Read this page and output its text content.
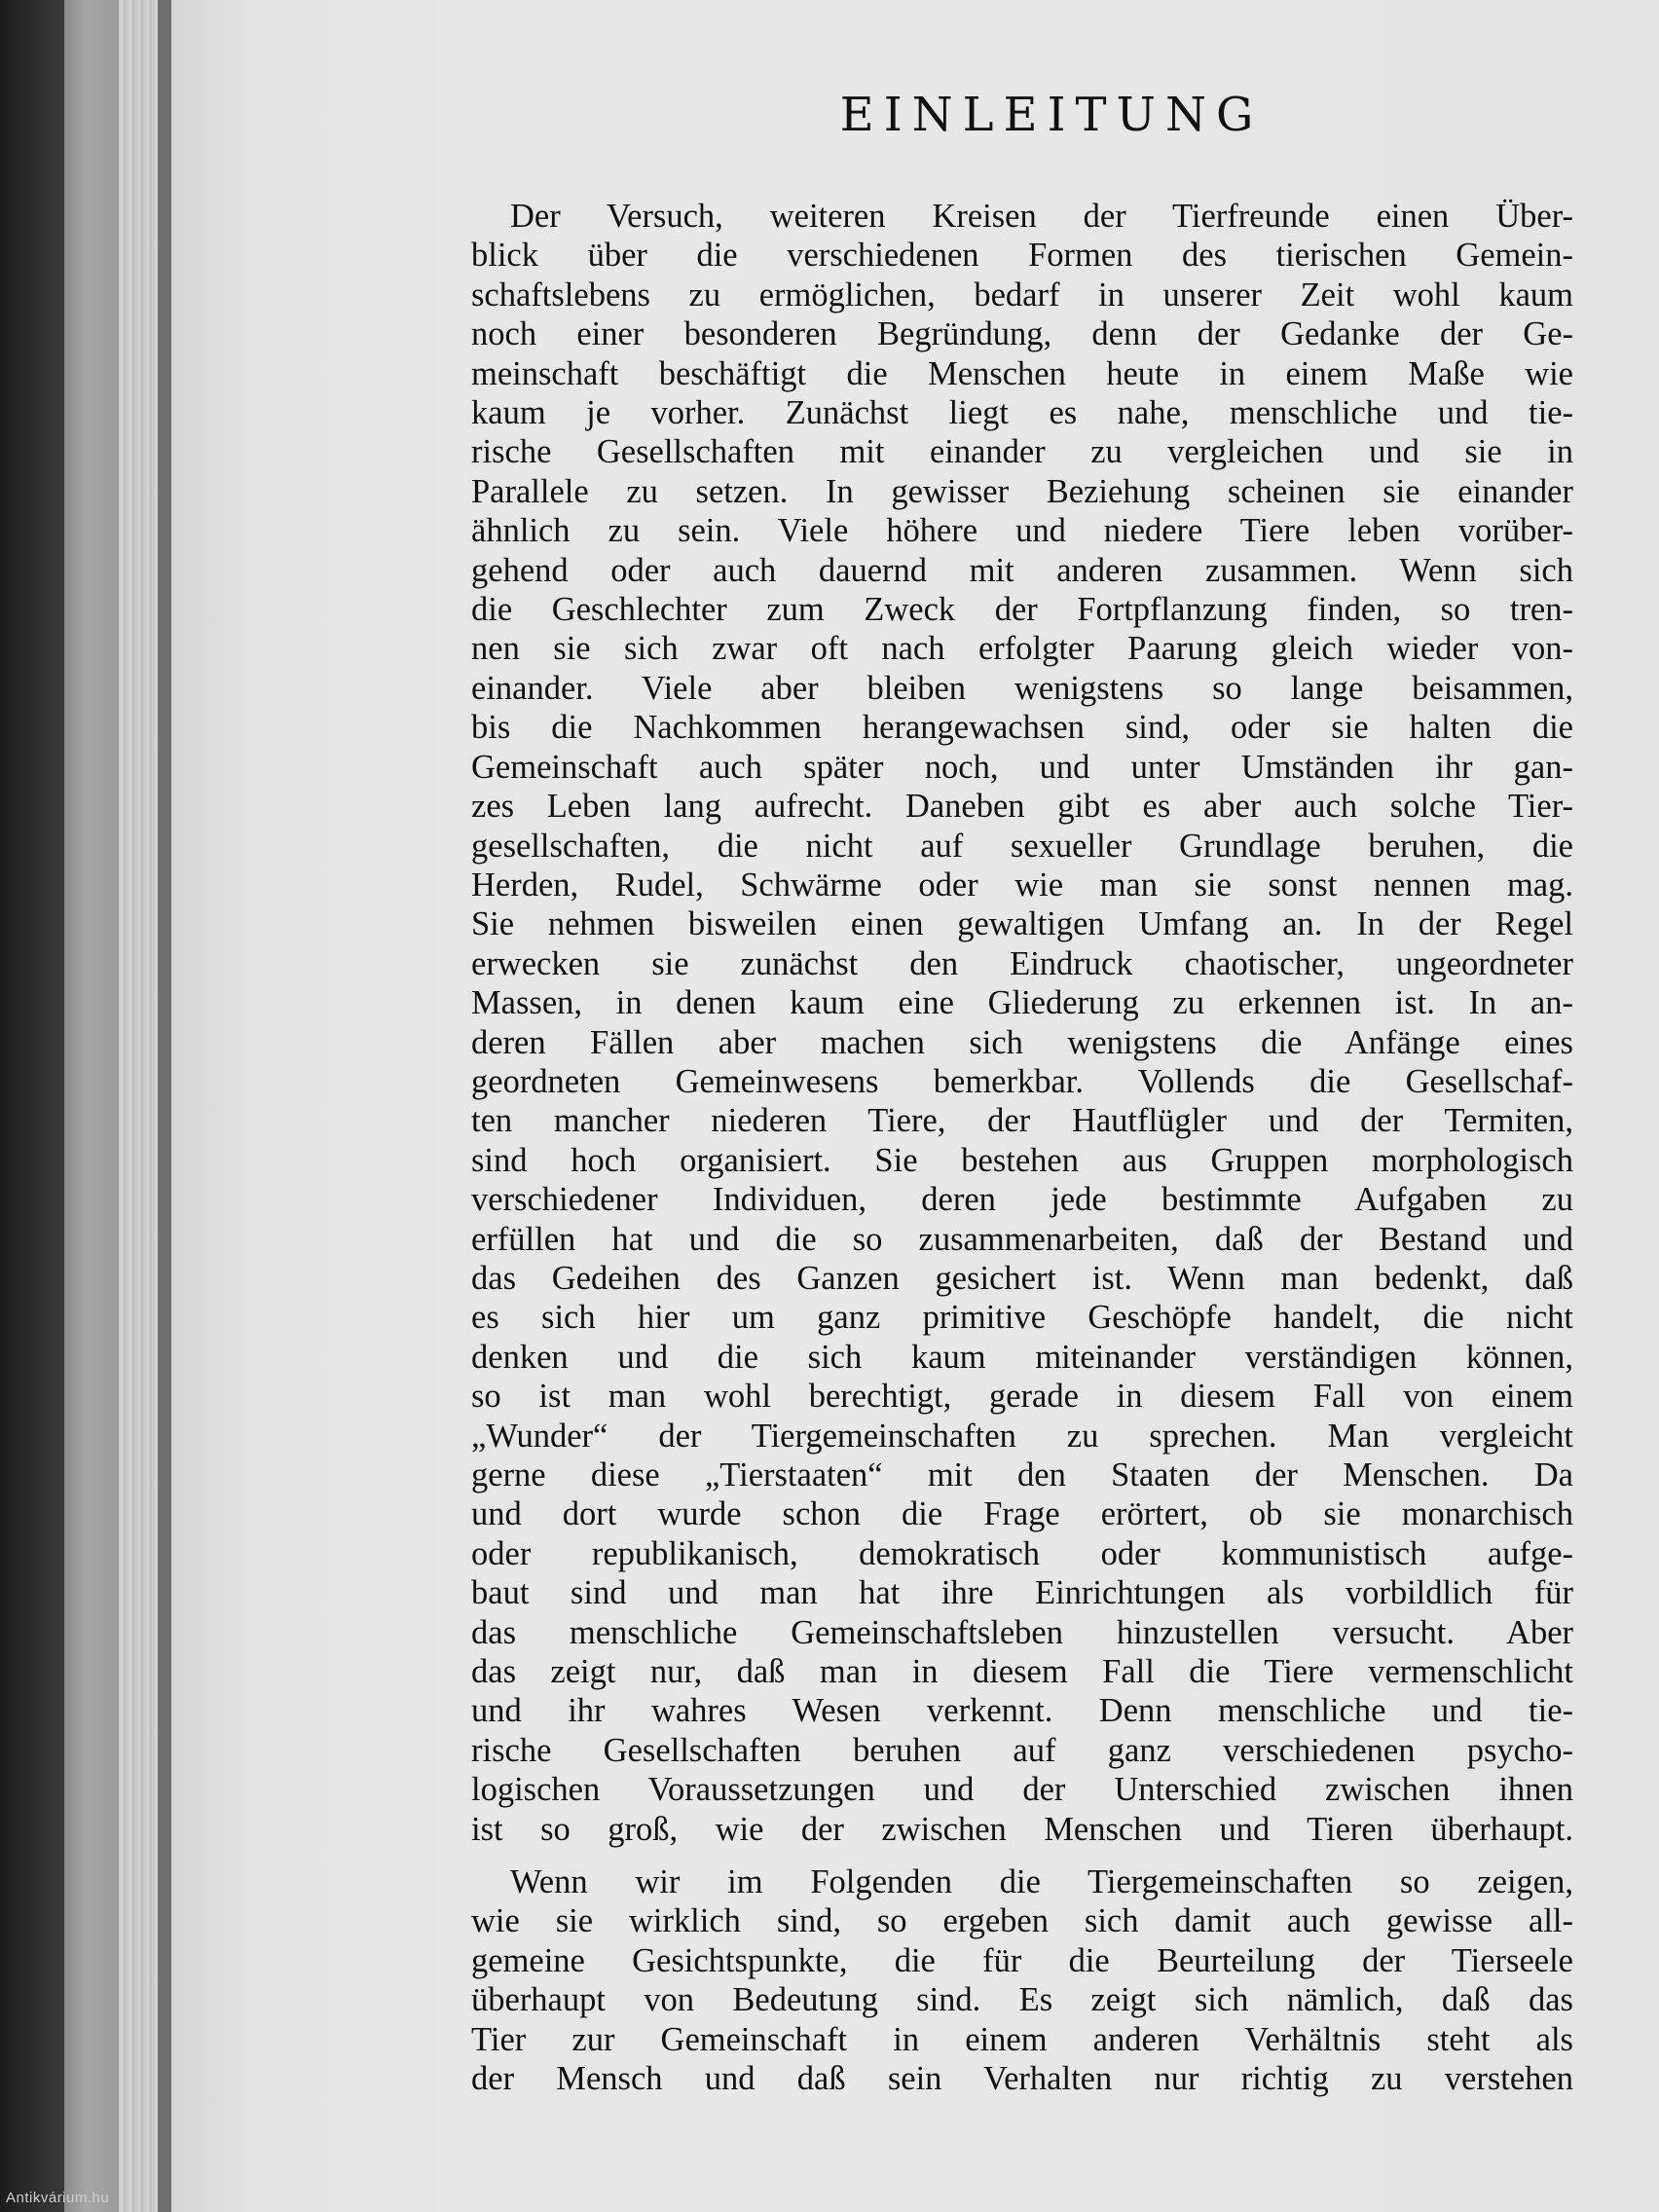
EINLEITUNG

Der Versuch, weiteren Kreisen der Tierfreunde einen Über-
blick über die verschiedenen Formen des tierischen Gemein-
schaftslebens zu ermöglichen, bedarf in unserer Zeit wohl kaum
noch einer besonderen Begründung, denn der Gedanke der Ge-
meinschaft beschäftigt die Menschen heute in einem Maße wie
kaum je vorher. Zunächst liegt es nahe, menschliche und tie-
rische Gesellschaften mit einander zu vergleichen und sie in
Parallele zu setzen. In gewisser Beziehung scheinen sie einander
ähnlich zu sein. Viele höhere und niedere Tiere leben vorüber-
gehend oder auch dauernd mit anderen zusammen. Wenn sich
die Geschlechter zum Zweck der Fortpflanzung finden, so tren-
nen sie sich zwar oft nach erfolgter Paarung gleich wieder von-
einander. Viele aber bleiben wenigstens so lange beisammen,
bis die Nachkommen herangewachsen sind, oder sie halten die
Gemeinschaft auch später noch, und unter Umständen ihr gan-
zes Leben lang aufrecht. Daneben gibt es aber auch solche Tier-
gesellschaften, die nicht auf sexueller Grundlage beruhen, die
Herden, Rudel, Schwärme oder wie man sie sonst nennen mag.
Sie nehmen bisweilen einen gewaltigen Umfang an. In der Regel
erwecken sie zunächst den Eindruck chaotischer, ungeordneter
Massen, in denen kaum eine Gliederung zu erkennen ist. In an-
deren Fällen aber machen sich wenigstens die Anfänge eines
geordneten Gemeinwesens bemerkbar. Vollends die Gesellschaf-
ten mancher niederen Tiere, der Hautflügler und der Termiten,
sind hoch organisiert. Sie bestehen aus Gruppen morphologisch
verschiedener Individuen, deren jede bestimmte Aufgaben zu
erfüllen hat und die so zusammenarbeiten, daß der Bestand und
das Gedeihen des Ganzen gesichert ist. Wenn man bedenkt, daß
es sich hier um ganz primitive Geschöpfe handelt, die nicht
denken und die sich kaum miteinander verständigen können,
so ist man wohl berechtigt, gerade in diesem Fall von einem
„Wunder“ der Tiergemeinschaften zu sprechen. Man vergleicht
gerne diese „Tierstaaten“ mit den Staaten der Menschen. Da
und dort wurde schon die Frage erörtert, ob sie monarchisch
oder republikanisch, demokratisch oder kommunistisch aufge-
baut sind und man hat ihre Einrichtungen als vorbildlich für
das menschliche Gemeinschaftsleben hinzustellen versucht. Aber
das zeigt nur, daß man in diesem Fall die Tiere vermenschlicht
und ihr wahres Wesen verkennt. Denn menschliche und tie-
rische Gesellschaften beruhen auf ganz verschiedenen psycho-
logischen Voraussetzungen und der Unterschied zwischen ihnen
ist so groß, wie der zwischen Menschen und Tieren überhaupt.

Wenn wir im Folgenden die Tiergemeinschaften so zeigen,
wie sie wirklich sind, so ergeben sich damit auch gewisse all-
gemeine Gesichtspunkte, die für die Beurteilung der Tierseele
überhaupt von Bedeutung sind. Es zeigt sich nämlich, daß das
Tier zur Gemeinschaft in einem anderen Verhältnis steht als
der Mensch und daß sein Verhalten nur richtig zu verstehen

Antikvárium.hu
